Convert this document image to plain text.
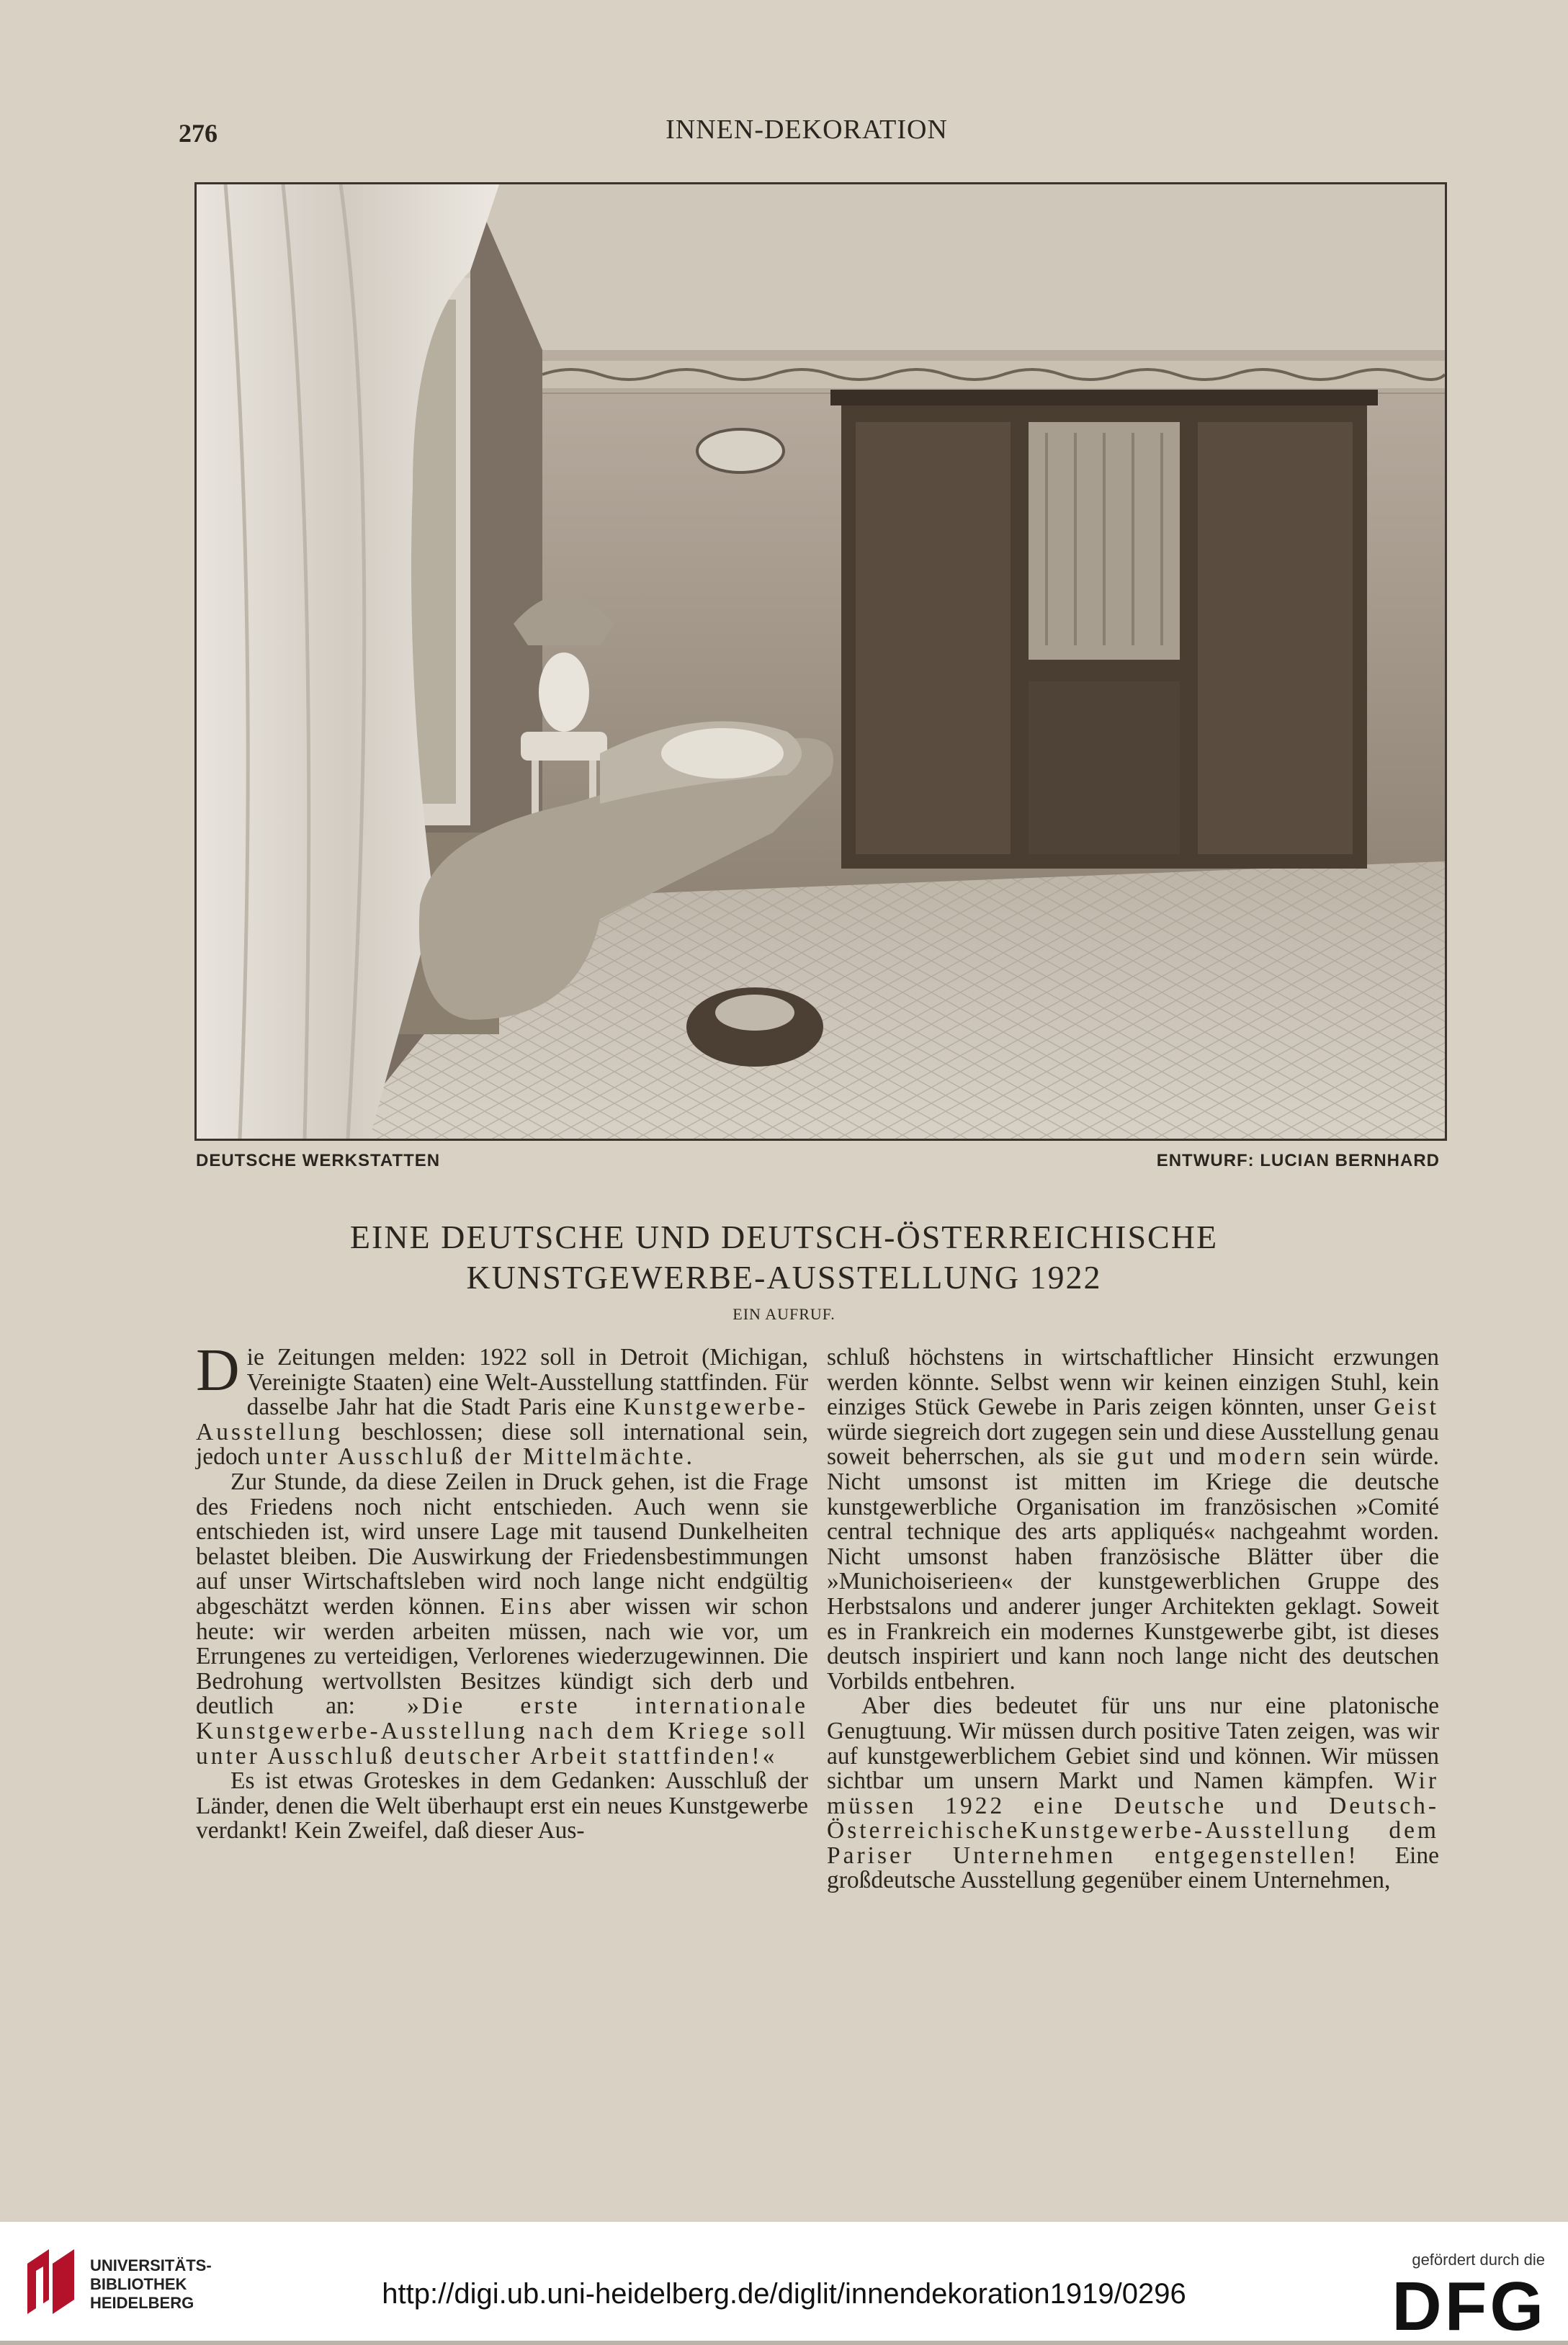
276	INNEN-DEKORATION
DEUTSCHE WERKSTATTEN	ENTWURF: LUCIAN BERNHARD
EINE DEUTSCHE UND DEUTSCH-ÖSTERREICHISCHE
KUNSTGEWERBE-AUSSTELLUNG 1922
EIN AUFRUF.

Die Zeitungen melden: 1922 soll in Detroit (Michigan, Vereinigte Staaten) eine Welt-Ausstellung stattfinden. Für dasselbe Jahr hat die Stadt Paris eine Kunstgewerbe-Ausstellung beschlossen; diese soll international sein, jedoch unter Ausschluß der Mittelmächte.

Zur Stunde, da diese Zeilen in Druck gehen, ist die Frage des Friedens noch nicht entschieden. Auch wenn sie entschieden ist, wird unsere Lage mit tausend Dunkelheiten belastet bleiben. Die Auswirkung der Friedensbestimmungen auf unser Wirtschaftsleben wird noch lange nicht endgültig abgeschätzt werden können. Eins aber wissen wir schon heute: wir werden arbeiten müssen, nach wie vor, um Errungenes zu verteidigen, Verlorenes wiederzugewinnen. Die Bedrohung wertvollsten Besitzes kündigt sich derb und deutlich an: »Die erste internationale Kunstgewerbe-Ausstellung nach dem Kriege soll unter Ausschluß deutscher Arbeit stattfinden!«

Es ist etwas Groteskes in dem Gedanken: Ausschluß der Länder, denen die Welt überhaupt erst ein neues Kunstgewerbe verdankt! Kein Zweifel, daß dieser Aus-

schluß höchstens in wirtschaftlicher Hinsicht erzwungen werden könnte. Selbst wenn wir keinen einzigen Stuhl, kein einziges Stück Gewebe in Paris zeigen könnten, unser Geist würde siegreich dort zugegen sein und diese Ausstellung genau soweit beherrschen, als sie gut und modern sein würde. Nicht umsonst ist mitten im Kriege die deutsche kunstgewerbliche Organisation im französischen »Comité central technique des arts appliqués« nachgeahmt worden. Nicht umsonst haben französische Blätter über die »Munichoiserieen« der kunstgewerblichen Gruppe des Herbstsalons und anderer junger Architekten geklagt. Soweit es in Frankreich ein modernes Kunstgewerbe gibt, ist dieses deutsch inspiriert und kann noch lange nicht des deutschen Vorbilds entbehren.

Aber dies bedeutet für uns nur eine platonische Genugtuung. Wir müssen durch positive Taten zeigen, was wir auf kunstgewerblichem Gebiet sind und können. Wir müssen sichtbar um unsern Markt und Namen kämpfen. Wir müssen 1922 eine Deutsche und Deutsch-ÖsterreichischeKunstgewerbe-Ausstellung dem Pariser Unternehmen entgegenstellen! Eine großdeutsche Ausstellung gegenüber einem Unternehmen,

UNIVERSITÄTS-
BIBLIOTHEK
HEIDELBERG	http://digi.ub.uni-heidelberg.de/diglit/innendekoration1919/0296
gefördert durch die
DFG
